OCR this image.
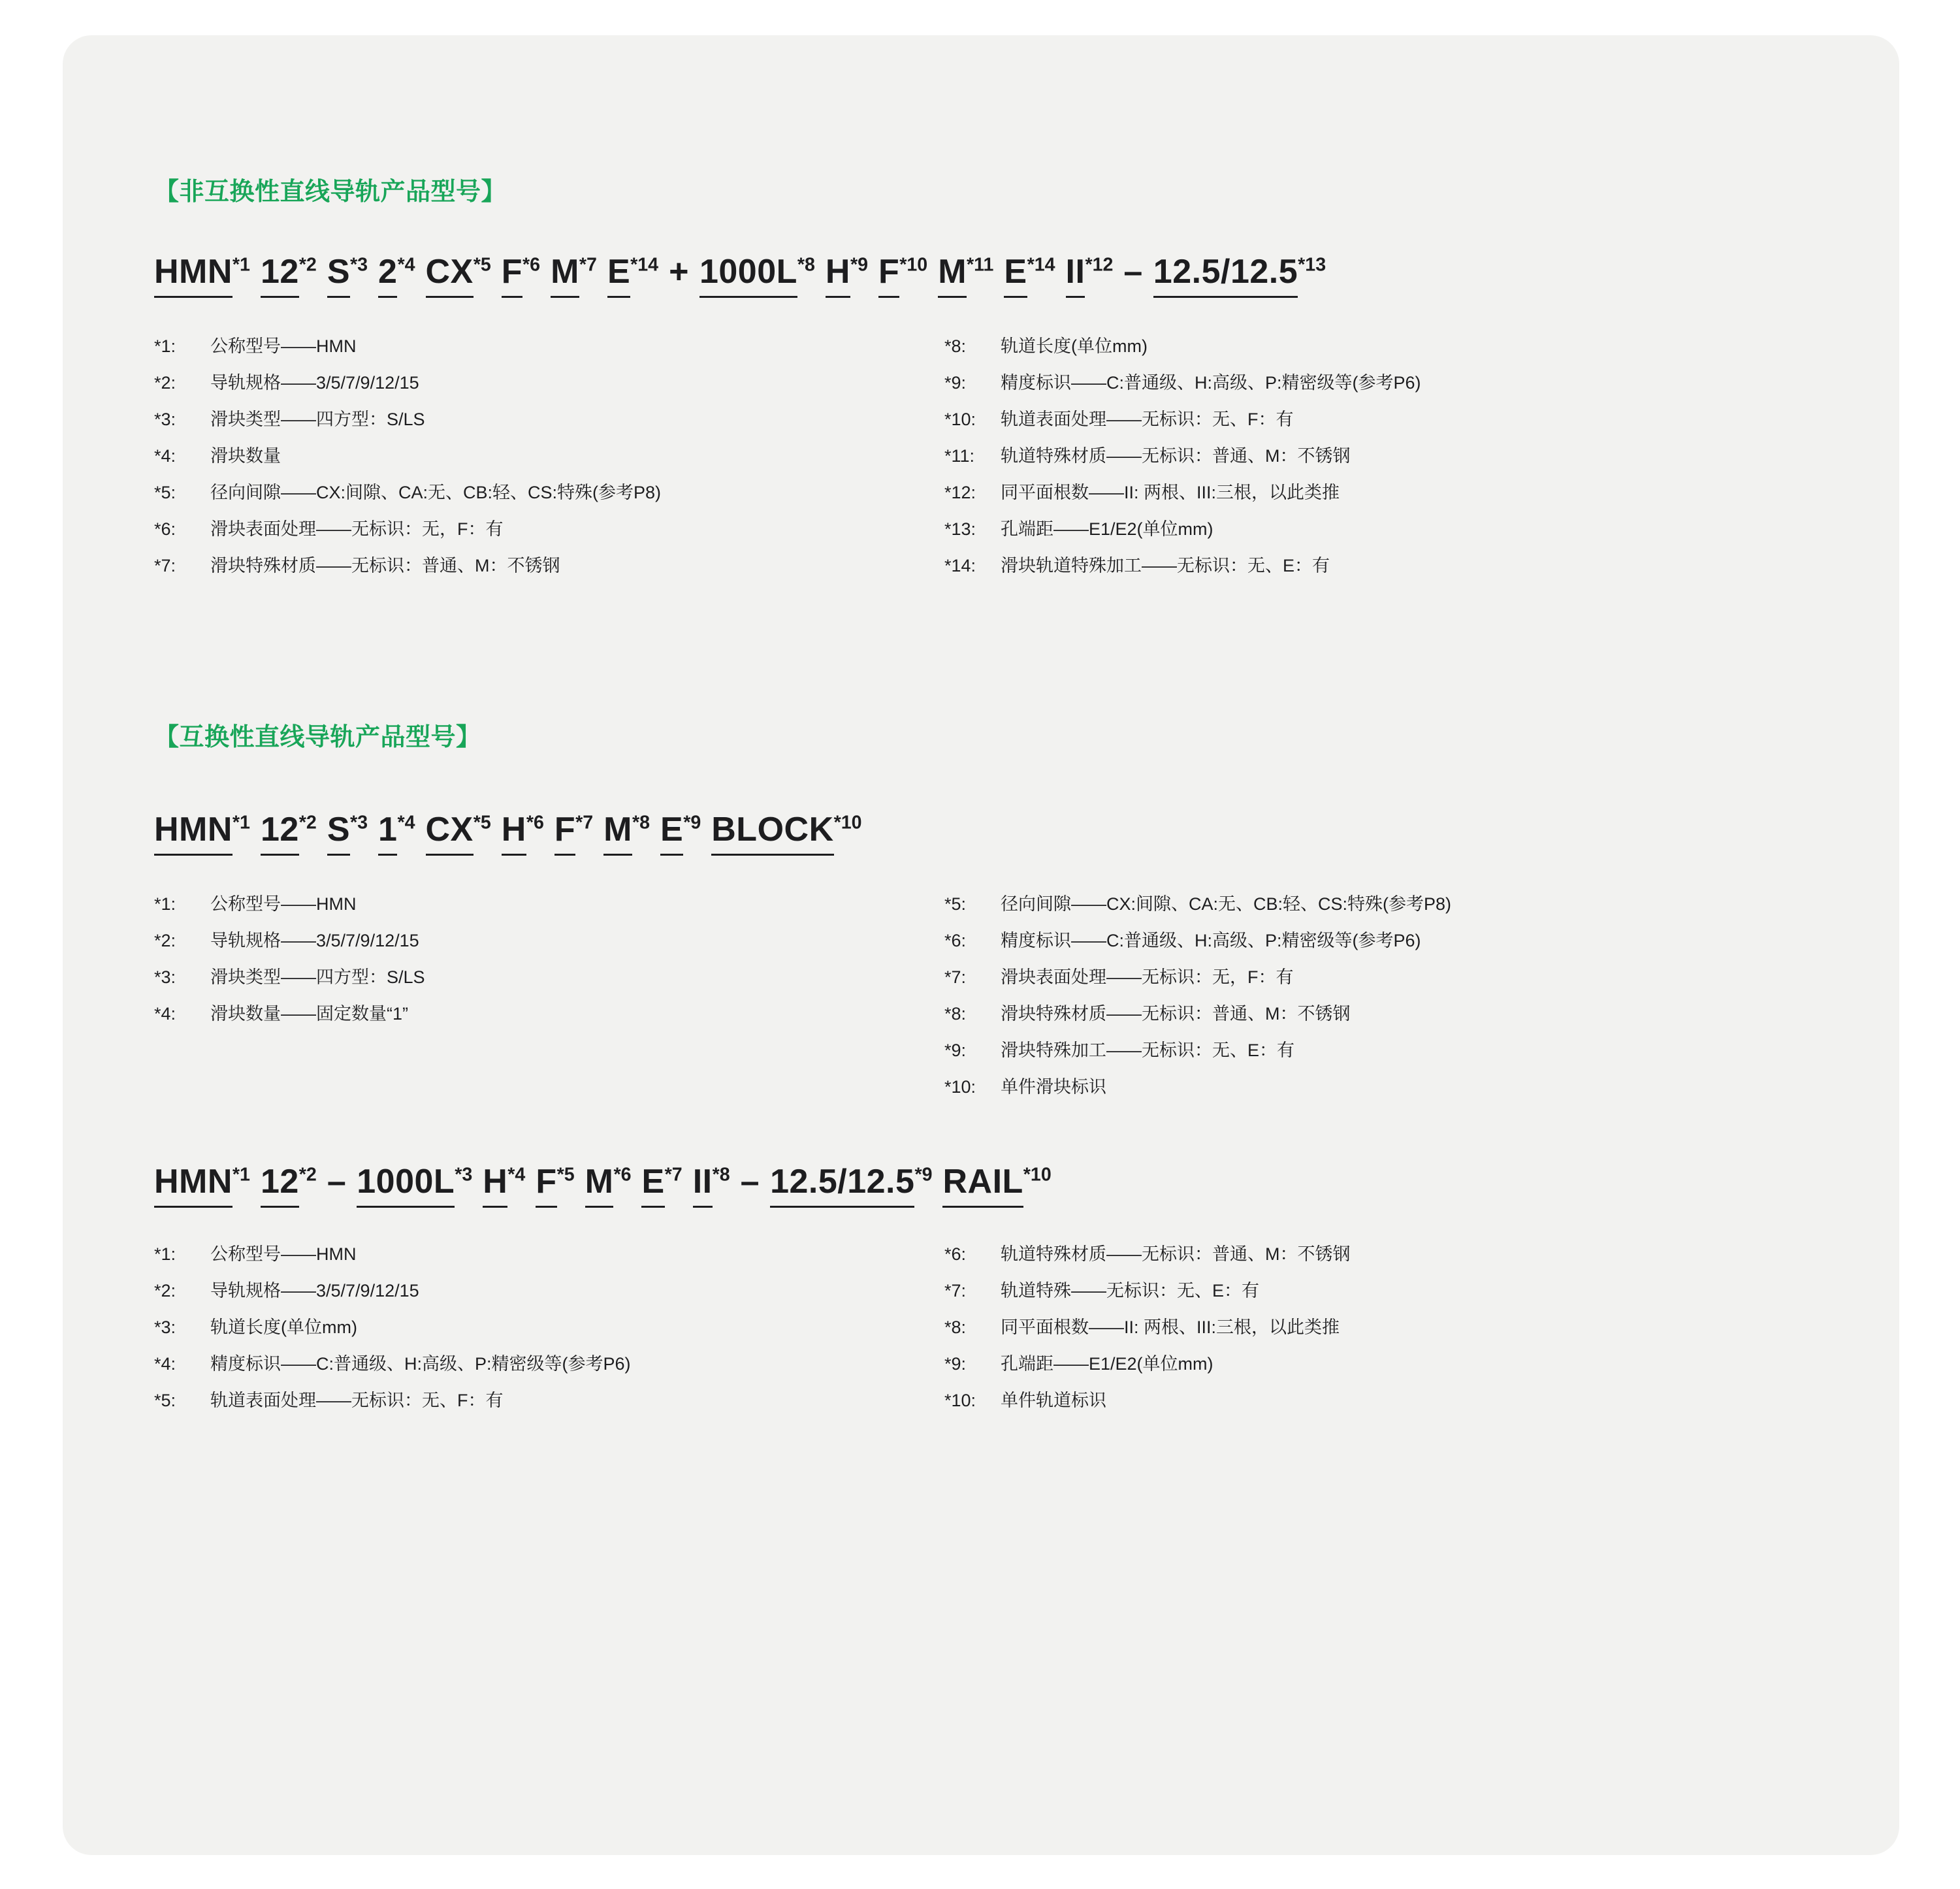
【非互换性直线导轨产品型号】
HMN$^{*1}$ 12$^{*2}$ $S^{*3}$ 2$^{*4}$ CX$^{*5}$ $F^{*6}$ $M^{*7}$ $E^{*14} + 1000L^{*8}$ $H^{*9}$ $F^{*10}$ $M^{*11}$ $E^{*14}$ II$^{*12}$ – 12.5/12.5$^{*13}$
*1:	公称型号——HMN
*2:	导轨规格——3/5/7/9/12/15
*3:	滑块类型——四方型：S/LS
*4:	滑块数量
*5:	径向间隙——CX:间隙、CA:无、CB:轻、CS:特殊(参考P8)
*6:	滑块表面处理——无标识：无，F：有
*7:	滑块特殊材质——无标识：普通、M：不锈钢
*8:	轨道长度(单位mm)
*9:	精度标识——C:普通级、H:高级、P:精密级等(参考P6)
*10:	轨道表面处理——无标识：无、F：有
*11:	轨道特殊材质——无标识：普通、M：不锈钢
*12:	同平面根数——II: 两根、III:三根，以此类推
*13:	孔端距——E1/E2(单位mm)
*14:	滑块轨道特殊加工——无标识：无、E：有
【互换性直线导轨产品型号】
HMN$^{*1}$ 12$^{*2}$ $S^{*3}$ 1$^{*4}$ CX$^{*5}$ $H^{*6}$ $F^{*7}$ $M^{*8}$ $E^{*9}$ BLOCK$^{*10}$
*1:	公称型号——HMN
*2:	导轨规格——3/5/7/9/12/15
*3:	滑块类型——四方型：S/LS
*4:	滑块数量——固定数量“1”
*5:	径向间隙——CX:间隙、CA:无、CB:轻、CS:特殊(参考P8)
*6:	精度标识——C:普通级、H:高级、P:精密级等(参考P6)
*7:	滑块表面处理——无标识：无，F：有
*8:	滑块特殊材质——无标识：普通、M：不锈钢
*9:	滑块特殊加工——无标识：无、E：有
*10:	单件滑块标识
HMN$^{*1}$ $12^{*2} - 1000L^{*3}$ $H^{*4}$ $F^{*5}$ $M^{*6}$ $E^{*7}$ II$^{*8}$ – 12.5/12.5$^{*9}$ RAIL$^{*10}$
*1:	公称型号——HMN
*2:	导轨规格——3/5/7/9/12/15
*3:	轨道长度(单位mm)
*4:	精度标识——C:普通级、H:高级、P:精密级等(参考P6)
*5:	轨道表面处理——无标识：无、F：有
*6:	轨道特殊材质——无标识：普通、M：不锈钢
*7:	轨道特殊——无标识：无、E：有
*8:	同平面根数——II: 两根、III:三根，以此类推
*9:	孔端距——E1/E2(单位mm)
*10:	单件轨道标识
